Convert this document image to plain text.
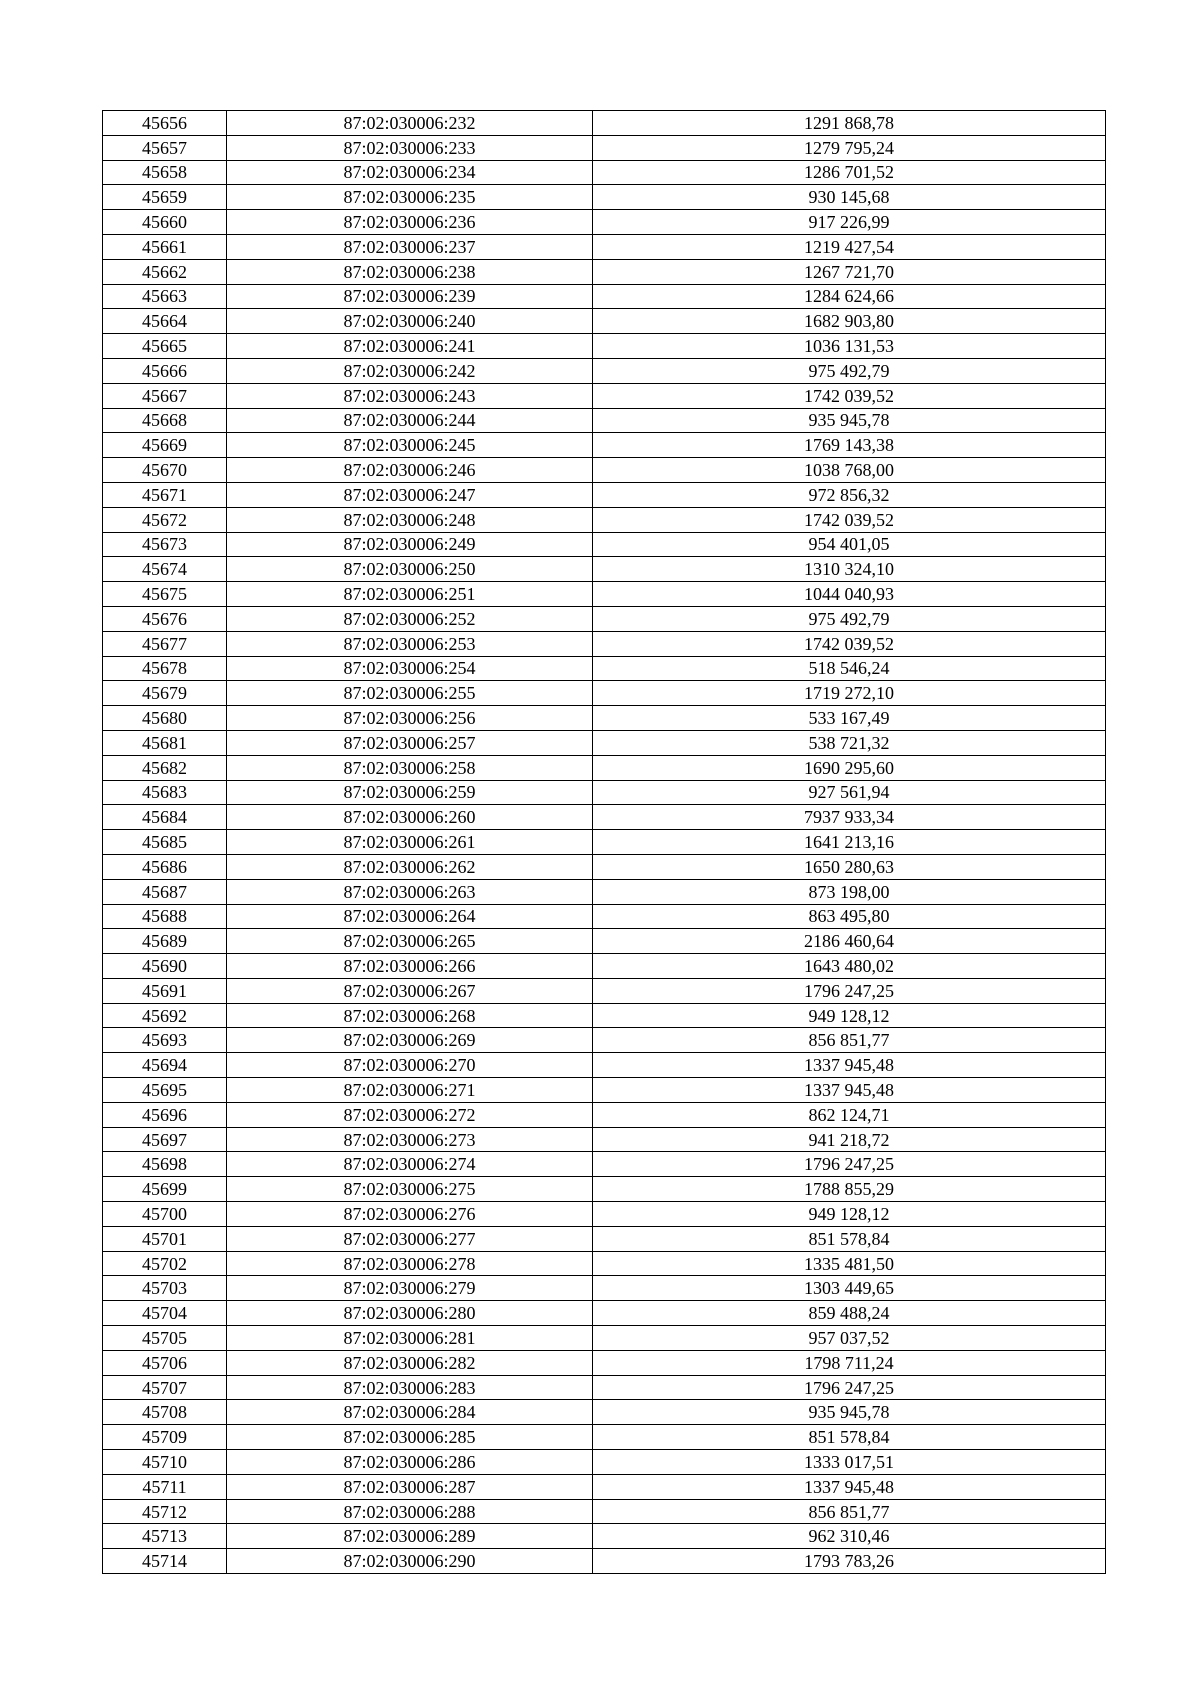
45656	87:02:030006:232	1291 868,78
45657	87:02:030006:233	1279 795,24
45658	87:02:030006:234	1286 701,52
45659	87:02:030006:235	930 145,68
45660	87:02:030006:236	917 226,99
45661	87:02:030006:237	1219 427,54
45662	87:02:030006:238	1267 721,70
45663	87:02:030006:239	1284 624,66
45664	87:02:030006:240	1682 903,80
45665	87:02:030006:241	1036 131,53
45666	87:02:030006:242	975 492,79
45667	87:02:030006:243	1742 039,52
45668	87:02:030006:244	935 945,78
45669	87:02:030006:245	1769 143,38
45670	87:02:030006:246	1038 768,00
45671	87:02:030006:247	972 856,32
45672	87:02:030006:248	1742 039,52
45673	87:02:030006:249	954 401,05
45674	87:02:030006:250	1310 324,10
45675	87:02:030006:251	1044 040,93
45676	87:02:030006:252	975 492,79
45677	87:02:030006:253	1742 039,52
45678	87:02:030006:254	518 546,24
45679	87:02:030006:255	1719 272,10
45680	87:02:030006:256	533 167,49
45681	87:02:030006:257	538 721,32
45682	87:02:030006:258	1690 295,60
45683	87:02:030006:259	927 561,94
45684	87:02:030006:260	7937 933,34
45685	87:02:030006:261	1641 213,16
45686	87:02:030006:262	1650 280,63
45687	87:02:030006:263	873 198,00
45688	87:02:030006:264	863 495,80
45689	87:02:030006:265	2186 460,64
45690	87:02:030006:266	1643 480,02
45691	87:02:030006:267	1796 247,25
45692	87:02:030006:268	949 128,12
45693	87:02:030006:269	856 851,77
45694	87:02:030006:270	1337 945,48
45695	87:02:030006:271	1337 945,48
45696	87:02:030006:272	862 124,71
45697	87:02:030006:273	941 218,72
45698	87:02:030006:274	1796 247,25
45699	87:02:030006:275	1788 855,29
45700	87:02:030006:276	949 128,12
45701	87:02:030006:277	851 578,84
45702	87:02:030006:278	1335 481,50
45703	87:02:030006:279	1303 449,65
45704	87:02:030006:280	859 488,24
45705	87:02:030006:281	957 037,52
45706	87:02:030006:282	1798 711,24
45707	87:02:030006:283	1796 247,25
45708	87:02:030006:284	935 945,78
45709	87:02:030006:285	851 578,84
45710	87:02:030006:286	1333 017,51
45711	87:02:030006:287	1337 945,48
45712	87:02:030006:288	856 851,77
45713	87:02:030006:289	962 310,46
45714	87:02:030006:290	1793 783,26
